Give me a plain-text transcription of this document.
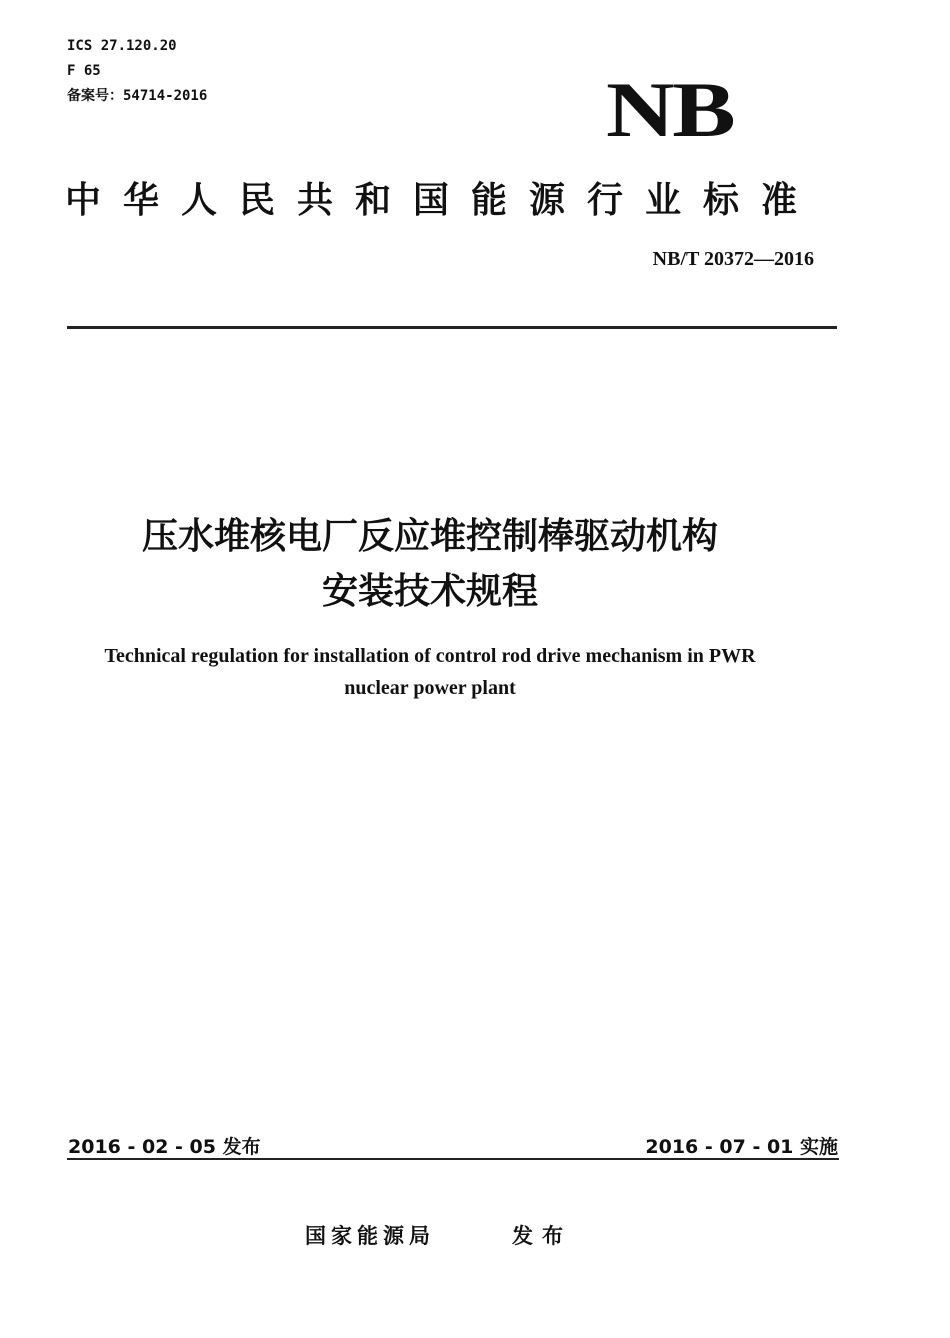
ICS 27.120.20
F 65
备案号：54714-2016	NB
中华人民共和国能源行业标准
NB/T 20372—2016
压水堆核电厂反应堆控制棒驱动机构
安装技术规程
Technical regulation for installation of control rod drive mechanism in PWR
nuclear power plant
2016 - 02 - 05 发布	2016 - 07 - 01 实施
国家能源局	发布
